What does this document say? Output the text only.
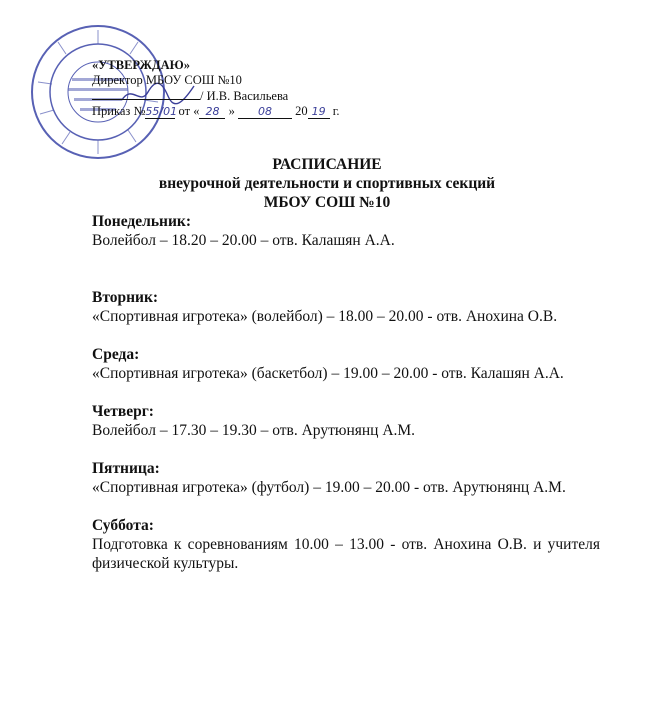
«УТВЕРЖДАЮ»
Директор МБОУ СОШ №10
/ И.В. Васильева
Приказ №55/01 от « 28 » 08 20 19 г.
РАСПИСАНИЕ
внеурочной деятельности и спортивных секций
МБОУ СОШ №10
Понедельник:
Волейбол – 18.20 – 20.00 – отв. Калашян А.А.
Вторник:
«Спортивная игротека» (волейбол) – 18.00 – 20.00 - отв. Анохина О.В.
Среда:
«Спортивная игротека» (баскетбол) – 19.00 – 20.00 - отв. Калашян А.А.
Четверг:
Волейбол – 17.30 – 19.30 – отв. Арутюнянц А.М.
Пятница:
«Спортивная игротека» (футбол) – 19.00 – 20.00 - отв. Арутюнянц А.М.
Суббота:
Подготовка к соревнованиям 10.00 – 13.00 - отв. Анохина О.В. и учителя физической культуры.
